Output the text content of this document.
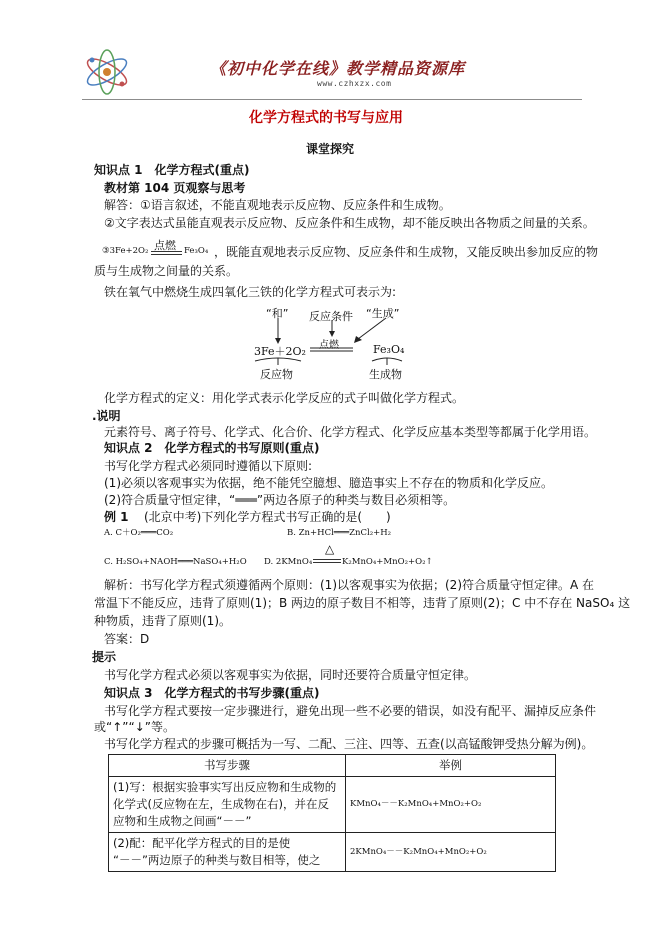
《初中化学在线》教学精品资源库
www.czhxzx.com
化学方程式的书写与应用
课堂探究
知识点 1　化学方程式(重点)
教材第 104 页观察与思考
解答：①语言叙述，不能直观地表示反应物、反应条件和生成物。
②文字表达式虽能直观表示反应物、反应条件和生成物，却不能反映出各物质之间量的关系。
③3Fe+2O₂ 点燃 Fe₃O₄ ，既能直观地表示反应物、反应条件和生成物，又能反映出参加反应的物
质与生成物之间量的关系。
铁在氧气中燃烧生成四氧化三铁的化学方程式可表示为:
“和” 反应条件 “生成”
点燃
3Fe＋2O₂	Fe₃O₄
反应物	生成物
化学方程式的定义：用化学式表示化学反应的式子叫做化学方程式。
.说明
元素符号、离子符号、化学式、化合价、化学方程式、化学反应基本类型等都属于化学用语。
知识点 2　化学方程式的书写原则(重点)
书写化学方程式必须同时遵循以下原则:
(1)必须以客观事实为依据，绝不能凭空臆想、臆造事实上不存在的物质和化学反应。
(2)符合质量守恒定律，“═══”两边各原子的种类与数目必须相等。
例 1 (北京中考)下列化学方程式书写正确的是(　　)
A. C＋O₂═══CO₂	B. Zn+HCl═══ZnCl₂+H₂
C. H₂SO₄+NAOH═══NaSO₄+H₂O D. 2KMnO₄
△
K₂MnO₄+MnO₂+O₂↑
解析：书写化学方程式须遵循两个原则：(1)以客观事实为依据；(2)符合质量守恒定律。A 在
常温下不能反应，违背了原则(1)；B 两边的原子数目不相等，违背了原则(2)；C 中不存在 NaSO₄ 这
种物质，违背了原则(1)。
答案：D
提示
书写化学方程式必须以客观事实为依据，同时还要符合质量守恒定律。
知识点 3　化学方程式的书写步骤(重点)
书写化学方程式要按一定步骤进行，避免出现一些不必要的错误，如没有配平、漏掉反应条件
或“↑”“↓”等。
书写化学方程式的步骤可概括为一写、二配、三注、四等、五查(以高锰酸钾受热分解为例)。
书写步骤	举例

(1)写：根据实验事实写出反应物和生成物的
化学式(反应物在左，生成物在右)，并在反
应物和生成物之间画“－－”	KMnO₄－－K₂MnO₄+MnO₂+O₂

(2)配：配平化学方程式的目的是使
“－－”两边原子的种类与数目相等，使之	2KMnO₄－－K₂MnO₄+MnO₂+O₂
